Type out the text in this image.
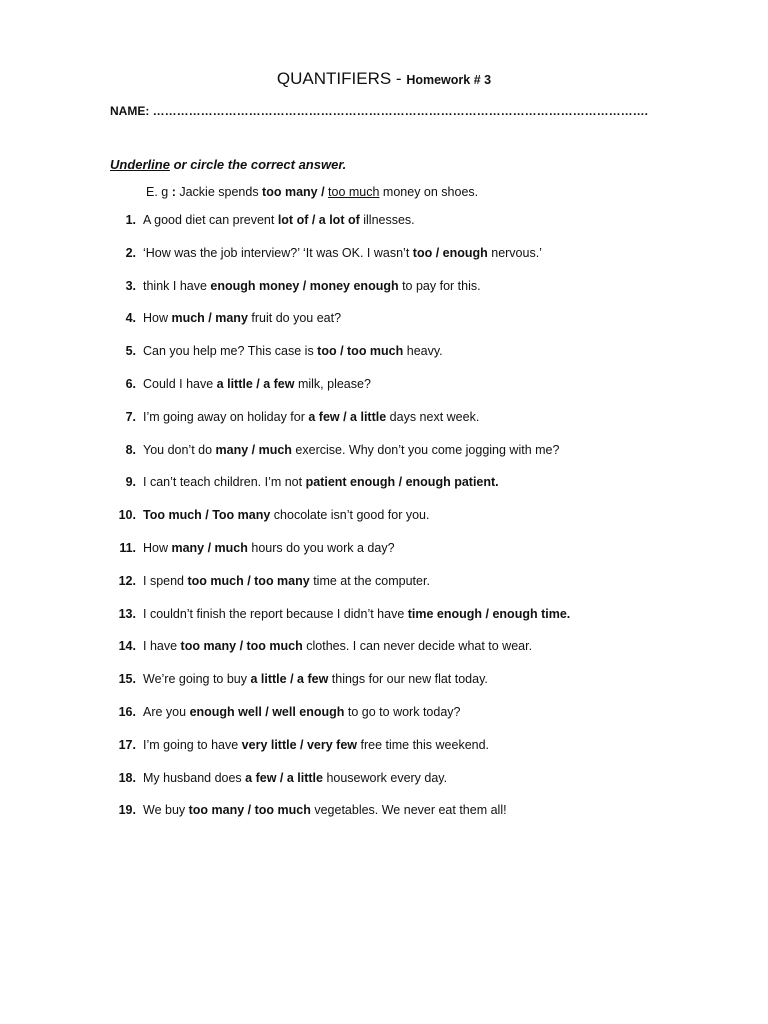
QUANTIFIERS - Homework # 3
NAME: …………………………………………………………………………………………………………….
Underline or circle the correct answer.
E. g : Jackie spends too many / too much money on shoes.
1. A good diet can prevent lot of / a lot of illnesses.
2. ‘How was the job interview?’ ‘It was OK. I wasn’t too / enough nervous.’
3. think I have enough money / money enough to pay for this.
4. How much / many fruit do you eat?
5. Can you help me? This case is too / too much heavy.
6. Could I have a little / a few milk, please?
7. I’m going away on holiday for a few / a little days next week.
8. You don’t do many / much exercise. Why don’t you come jogging with me?
9. I can’t teach children. I’m not patient enough / enough patient.
10. Too much / Too many chocolate isn’t good for you.
11. How many / much hours do you work a day?
12. I spend too much / too many time at the computer.
13. I couldn’t finish the report because I didn’t have time enough / enough time.
14. I have too many / too much clothes. I can never decide what to wear.
15. We’re going to buy a little / a few things for our new flat today.
16. Are you enough well / well enough to go to work today?
17. I’m going to have very little / very few free time this weekend.
18. My husband does a few / a little housework every day.
19. We buy too many / too much vegetables. We never eat them all!
